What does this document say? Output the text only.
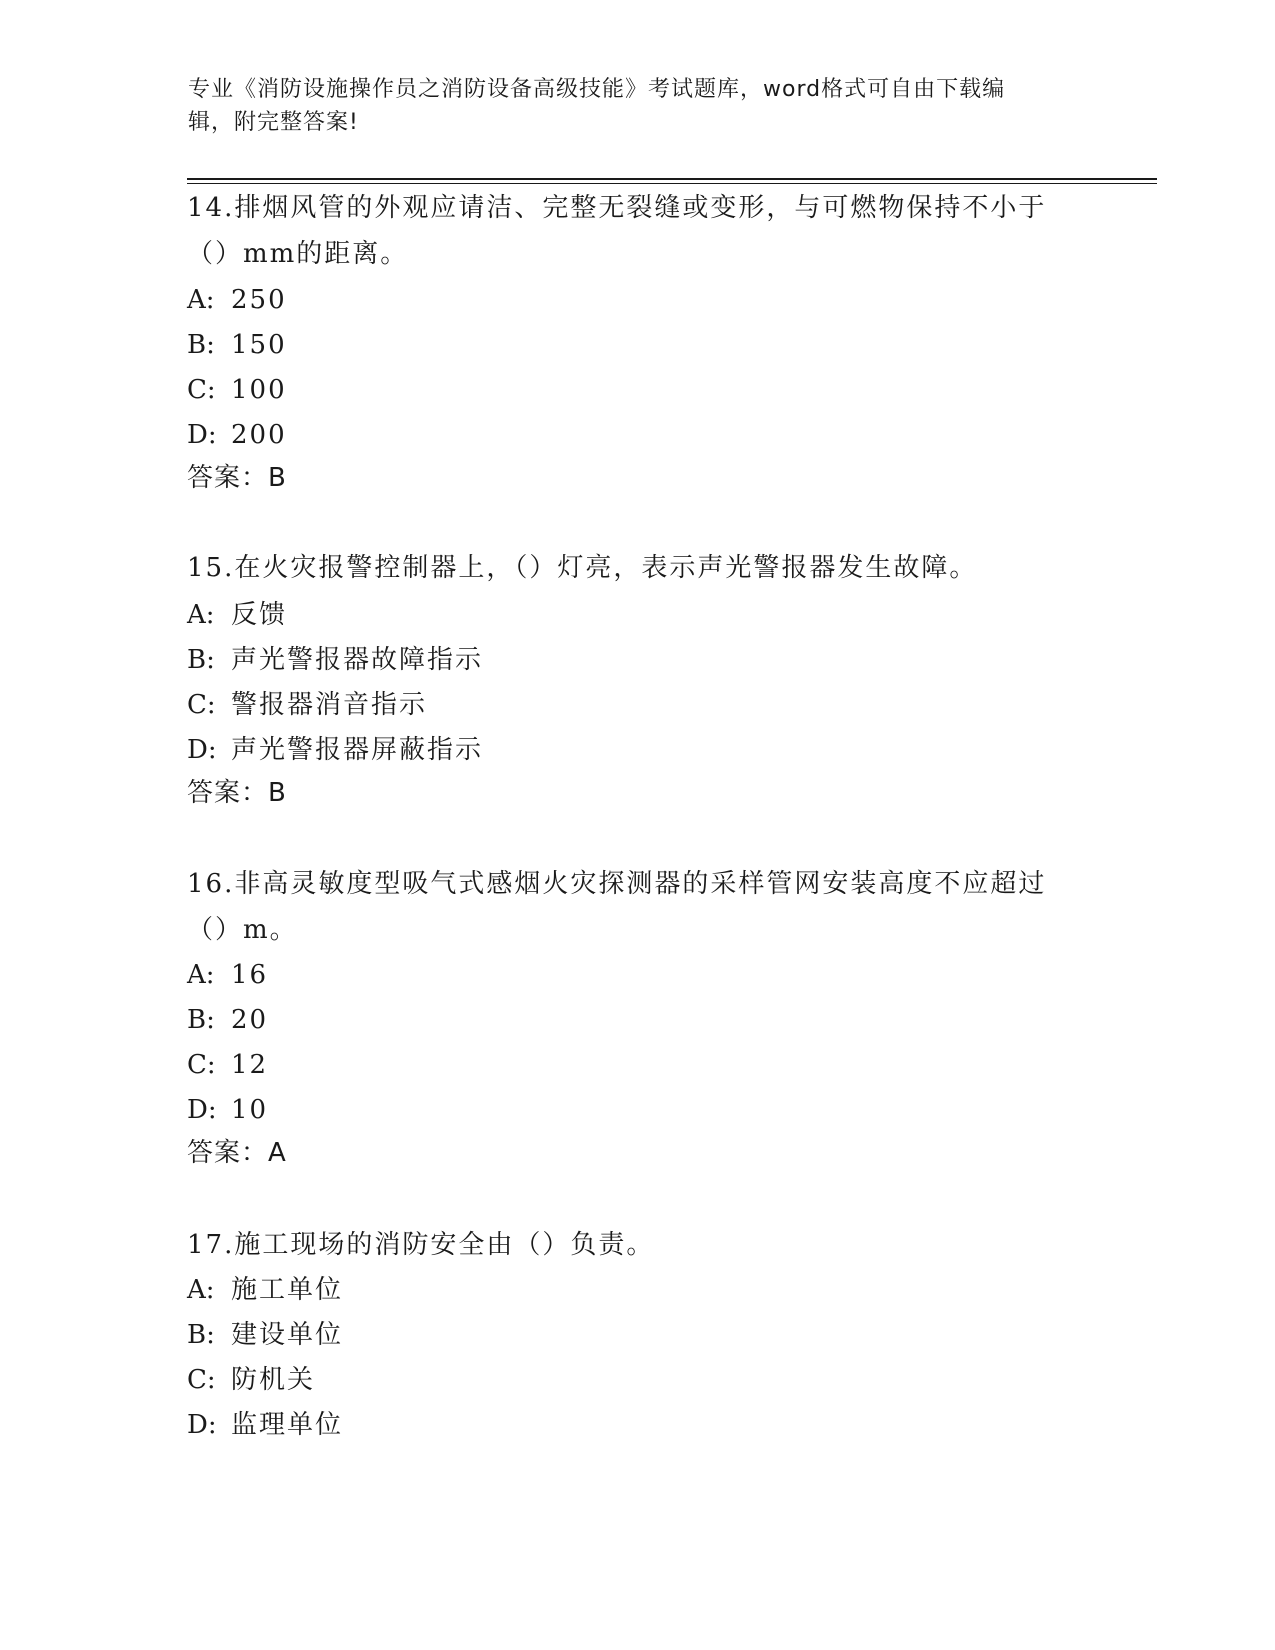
专业《消防设施操作员之消防设备高级技能》考试题库，word格式可自由下载编
辑，附完整答案!
14.排烟风管的外观应请洁、完整无裂缝或变形，与可燃物保持不小于
（）mm的距离。
A: 250
B: 150
C: 100
D: 200
答案：B
15.在火灾报警控制器上，（）灯亮，表示声光警报器发生故障。
A: 反馈
B: 声光警报器故障指示
C: 警报器消音指示
D: 声光警报器屏蔽指示
答案：B
16.非高灵敏度型吸气式感烟火灾探测器的采样管网安装高度不应超过
（）m。
A: 16
B: 20
C: 12
D: 10
答案：A
17.施工现场的消防安全由（）负责。
A: 施工单位
B: 建设单位
C: 防机关
D: 监理单位
